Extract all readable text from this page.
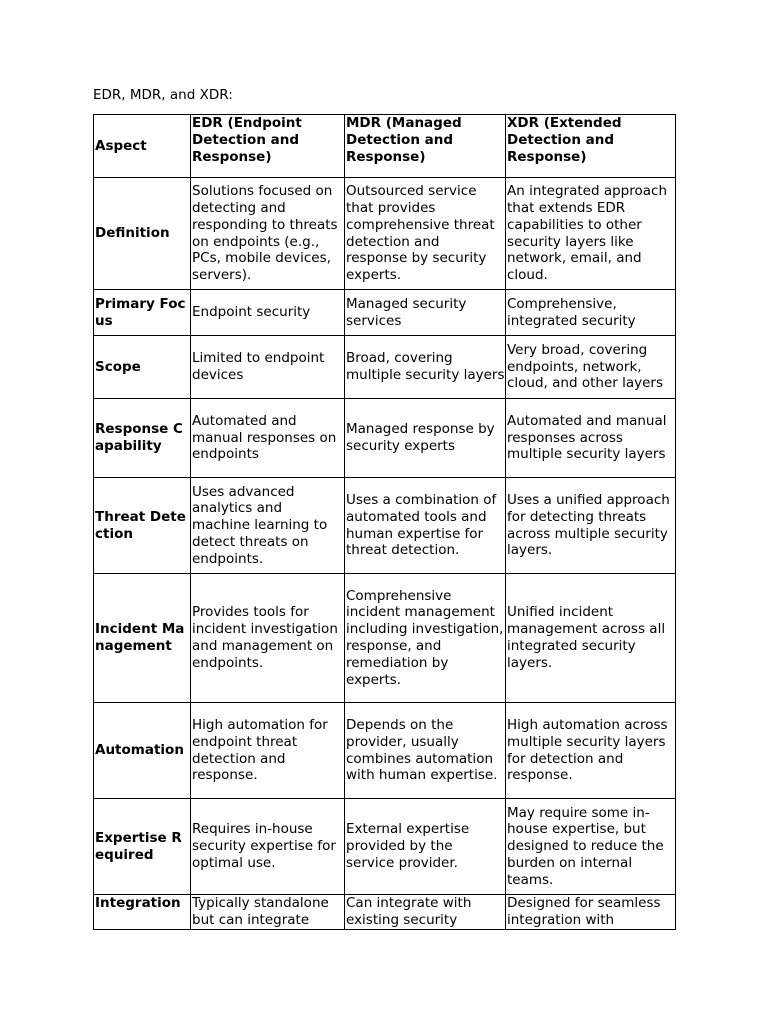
EDR, MDR, and XDR:
Aspect	EDR (Endpoint Detection and Response)	MDR (Managed Detection and Response)	XDR (Extended Detection and Response)
Definition	Solutions focused on detecting and responding to threats on endpoints (e.g., PCs, mobile devices, servers).	Outsourced service that provides comprehensive threat detection and response by security experts.	An integrated approach that extends EDR capabilities to other security layers like network, email, and cloud.
Primary Focus	Endpoint security	Managed security services	Comprehensive, integrated security
Scope	Limited to endpoint devices	Broad, covering multiple security layers	Very broad, covering endpoints, network, cloud, and other layers
Response Capability	Automated and manual responses on endpoints	Managed response by security experts	Automated and manual responses across multiple security layers
Threat Detection	Uses advanced analytics and machine learning to detect threats on endpoints.	Uses a combination of automated tools and human expertise for threat detection.	Uses a unified approach for detecting threats across multiple security layers.
Incident Management	Provides tools for incident investigation and management on endpoints.	Comprehensive incident management including investigation, response, and remediation by experts.	Unified incident management across all integrated security layers.
Automation	High automation for endpoint threat detection and response.	Depends on the provider, usually combines automation with human expertise.	High automation across multiple security layers for detection and response.
Expertise Required	Requires in-house security expertise for optimal use.	External expertise provided by the service provider.	May require some in-house expertise, but designed to reduce the burden on internal teams.
Integration	Typically standalone but can integrate	Can integrate with existing security	Designed for seamless integration with
